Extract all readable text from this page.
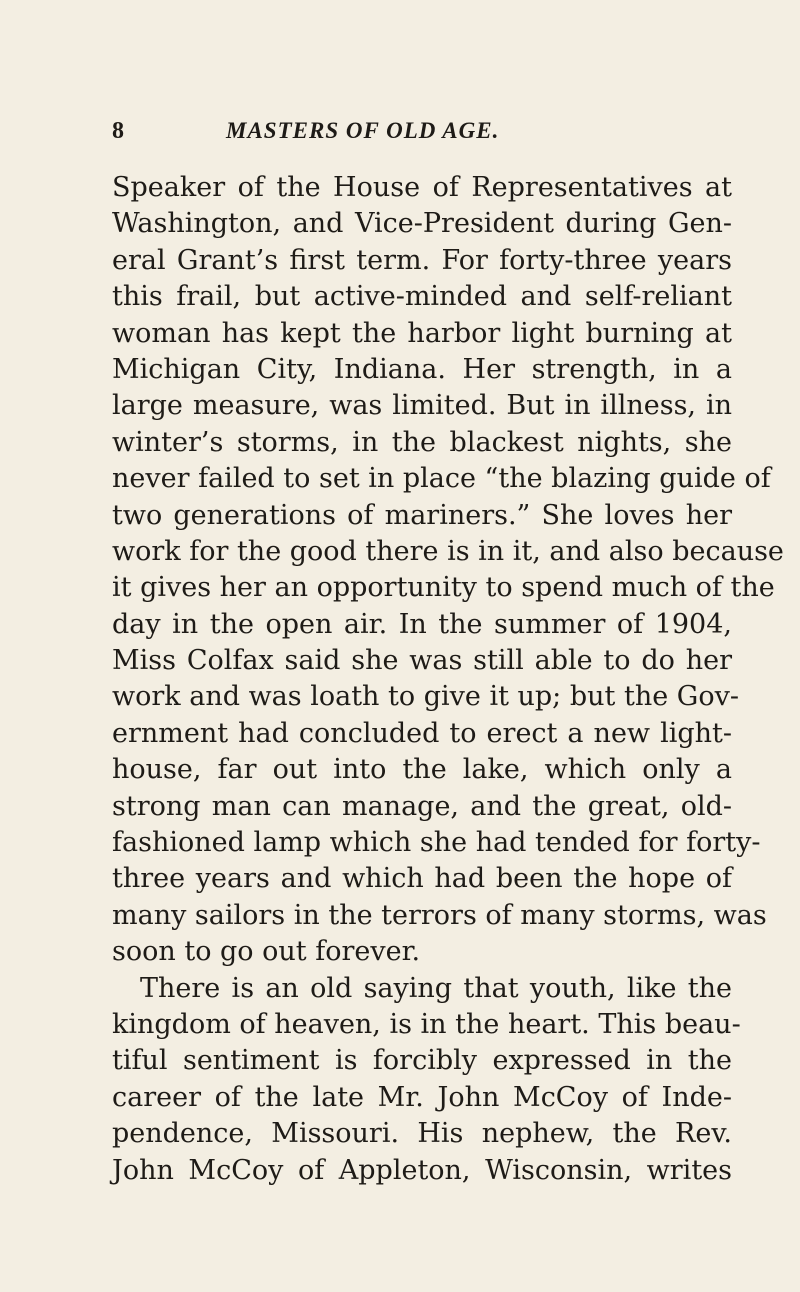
8	MASTERS OF OLD AGE.
Speaker of the House of Representatives at
Washington, and Vice-President during Gen-
eral Grant’s first term. For forty-three years
this frail, but active-minded and self-reliant
woman has kept the harbor light burning at
Michigan City, Indiana. Her strength, in a
large measure, was limited. But in illness, in
winter’s storms, in the blackest nights, she
never failed to set in place “the blazing guide of
two generations of mariners.” She loves her
work for the good there is in it, and also because
it gives her an opportunity to spend much of the
day in the open air. In the summer of 1904,
Miss Colfax said she was still able to do her
work and was loath to give it up; but the Gov-
ernment had concluded to erect a new light-
house, far out into the lake, which only a
strong man can manage, and the great, old-
fashioned lamp which she had tended for forty-
three years and which had been the hope of
many sailors in the terrors of many storms, was
soon to go out forever.
There is an old saying that youth, like the
kingdom of heaven, is in the heart. This beau-
tiful sentiment is forcibly expressed in the
career of the late Mr. John McCoy of Inde-
pendence, Missouri. His nephew, the Rev.
John McCoy of Appleton, Wisconsin, writes
